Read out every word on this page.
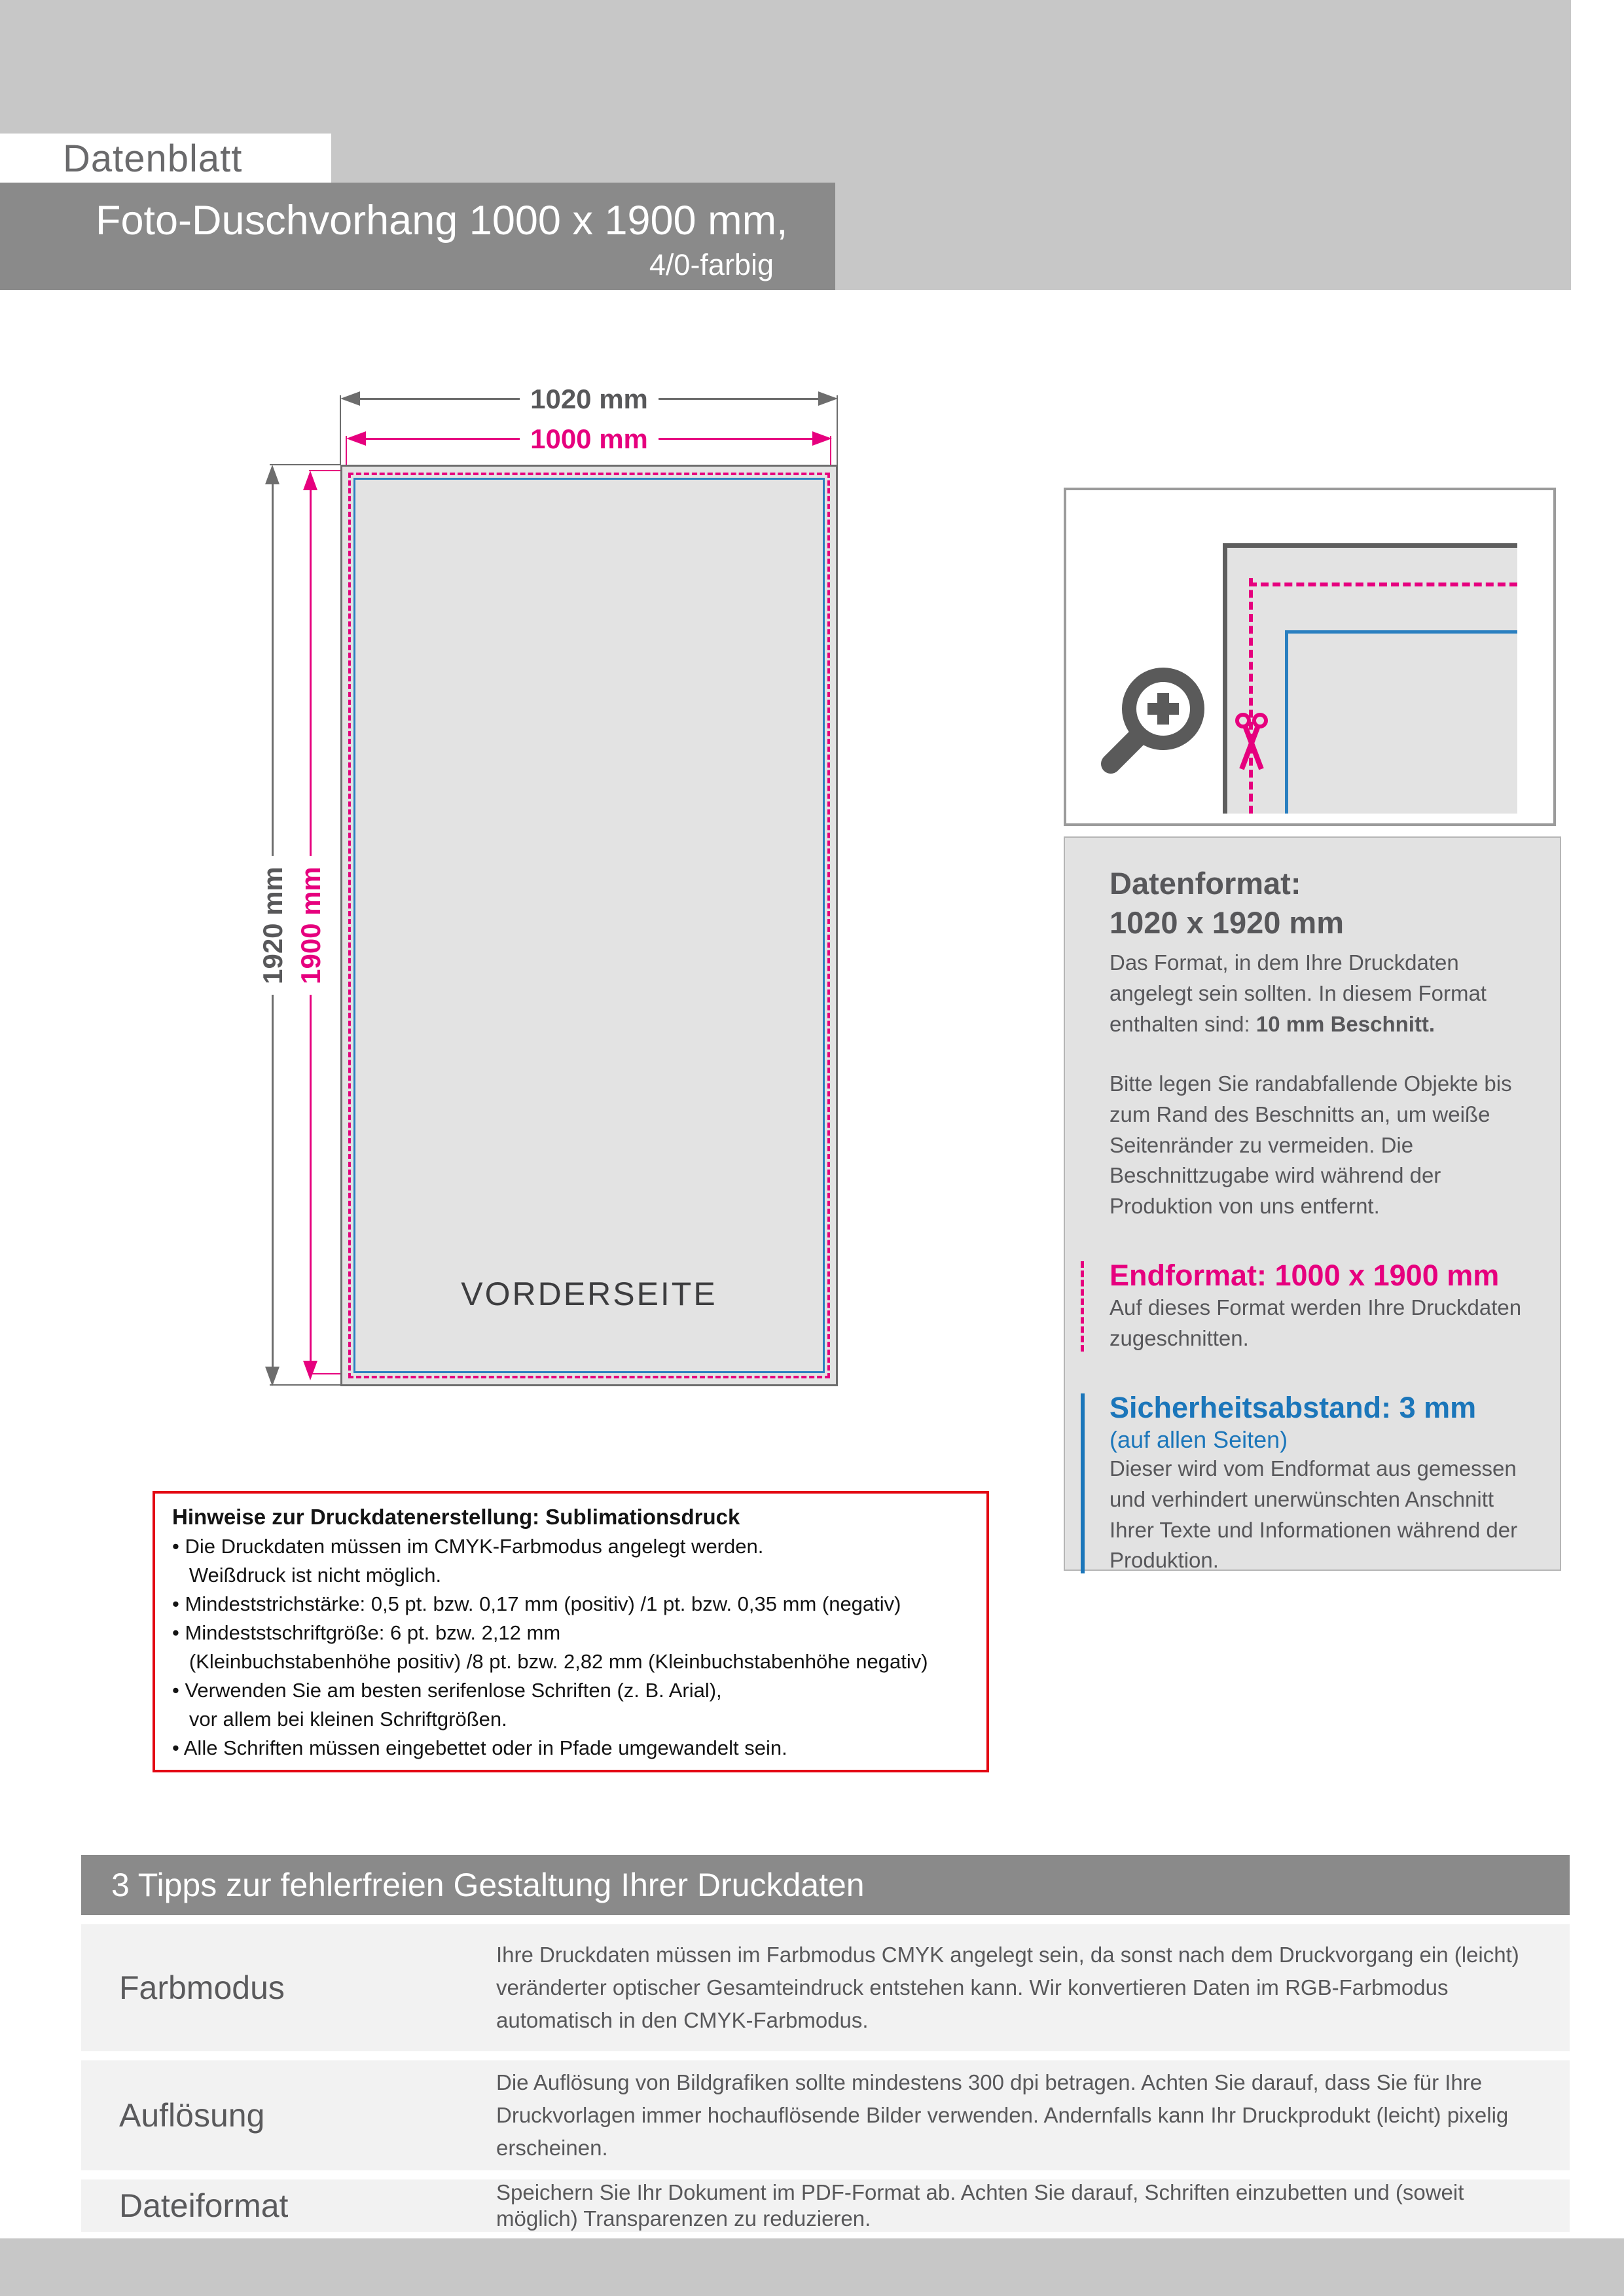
Datenblatt
Foto-Duschvorhang 1000 x 1900 mm,
4/0-farbig
1020 mm
1000 mm
1920 mm 1900 mm
VORDERSEITE
Datenformat:
1020 x 1920 mm

Das Format, in dem Ihre Druckdaten angelegt sein sollten. In diesem Format enthalten sind: 10 mm Beschnitt.

Bitte legen Sie randabfallende Objekte bis zum Rand des Beschnitts an, um weiße Seitenränder zu vermeiden. Die Beschnittzugabe wird während der Produktion von uns entfernt.

Endformat: 1000 x 1900 mm

Auf dieses Format werden Ihre Druckdaten zugeschnitten.

Sicherheitsabstand: 3 mm
(auf allen Seiten)

Dieser wird vom Endformat aus gemessen und verhindert unerwünschten Anschnitt Ihrer Texte und Informationen während der Produktion.

Hinweise zur Druckdatenerstellung: Sublimationsdruck
• Die Druckdaten müssen im CMYK-Farbmodus angelegt werden.
Weißdruck ist nicht möglich.
• Mindeststrichstärke: 0,5 pt. bzw. 0,17 mm (positiv) /1 pt. bzw. 0,35 mm (negativ)
• Mindeststschriftgröße: 6 pt. bzw. 2,12 mm
(Kleinbuchstabenhöhe positiv) /8 pt. bzw. 2,82 mm (Kleinbuchstabenhöhe negativ)
• Verwenden Sie am besten serifenlose Schriften (z. B. Arial),
vor allem bei kleinen Schriftgrößen.
• Alle Schriften müssen eingebettet oder in Pfade umgewandelt sein.
3 Tipps zur fehlerfreien Gestaltung Ihrer Druckdaten
Farbmodus
Ihre Druckdaten müssen im Farbmodus CMYK angelegt sein, da sonst nach dem Druckvorgang ein (leicht) veränderter optischer Gesamteindruck entstehen kann. Wir konvertieren Daten im RGB-Farbmodus automatisch in den CMYK-Farbmodus.
Auflösung
Die Auflösung von Bildgrafiken sollte mindestens 300 dpi betragen. Achten Sie darauf, dass Sie für Ihre Druckvorlagen immer hochauflösende Bilder verwenden. Andernfalls kann Ihr Druckprodukt (leicht) pixelig erscheinen.
Dateiformat	Speichern Sie Ihr Dokument im PDF-Format ab. Achten Sie darauf, Schriften einzubetten und (soweit möglich) Transparenzen zu reduzieren.
